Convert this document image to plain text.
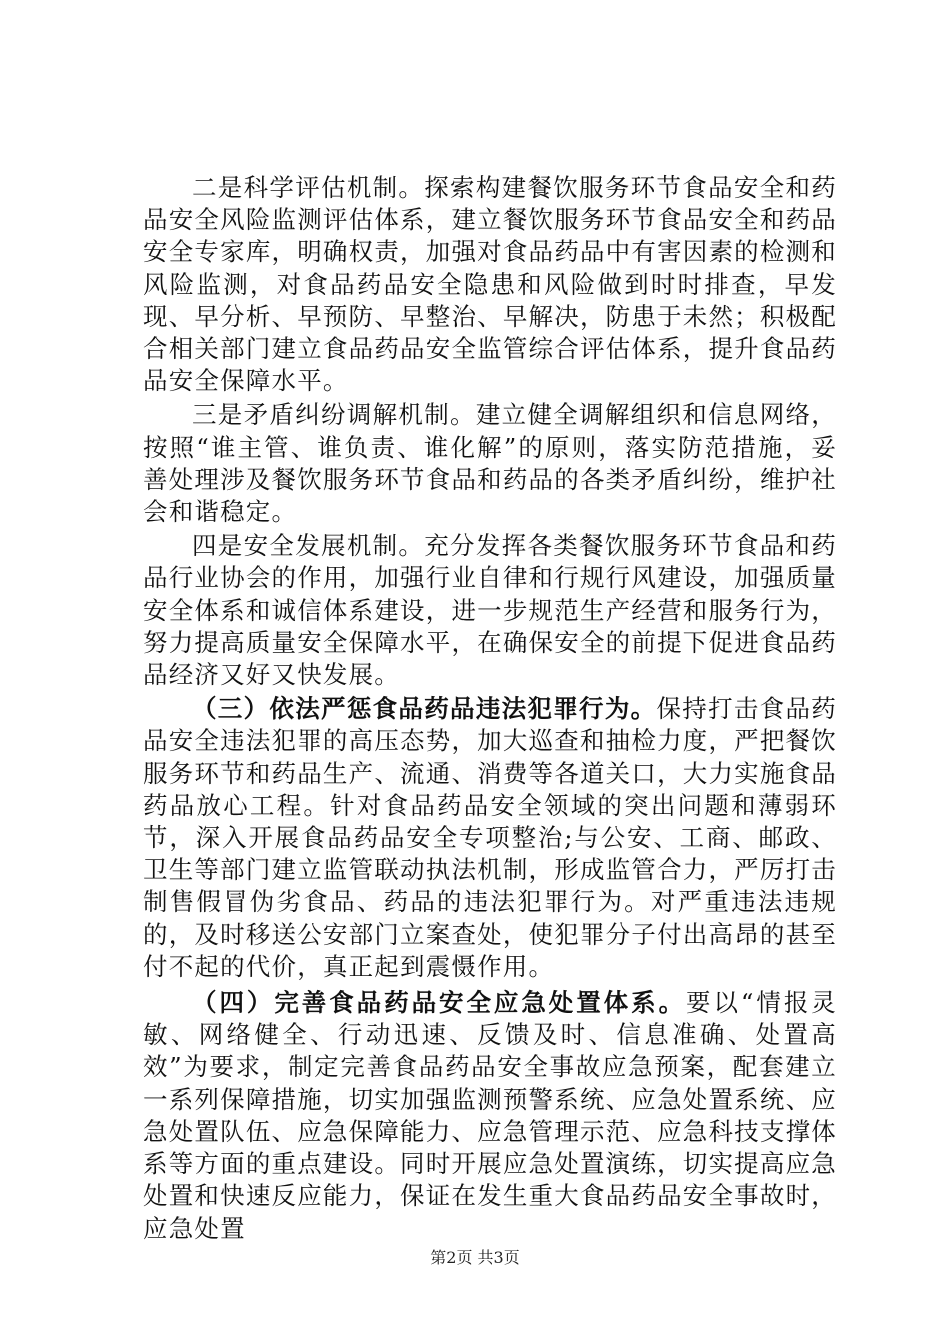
二是科学评估机制。探索构建餐饮服务环节食品安全和药品安全风险监测评估体系，建立餐饮服务环节食品安全和药品安全专家库，明确权责，加强对食品药品中有害因素的检测和风险监测，对食品药品安全隐患和风险做到时时排查，早发现、早分析、早预防、早整治、早解决，防患于未然；积极配合相关部门建立食品药品安全监管综合评估体系，提升食品药品安全保障水平。

三是矛盾纠纷调解机制。建立健全调解组织和信息网络，按照“谁主管、谁负责、谁化解”的原则，落实防范措施，妥善处理涉及餐饮服务环节食品和药品的各类矛盾纠纷，维护社会和谐稳定。

四是安全发展机制。充分发挥各类餐饮服务环节食品和药品行业协会的作用，加强行业自律和行规行风建设，加强质量安全体系和诚信体系建设，进一步规范生产经营和服务行为，努力提高质量安全保障水平，在确保安全的前提下促进食品药品经济又好又快发展。

（三）依法严惩食品药品违法犯罪行为。保持打击食品药品安全违法犯罪的高压态势，加大巡查和抽检力度，严把餐饮服务环节和药品生产、流通、消费等各道关口，大力实施食品药品放心工程。针对食品药品安全领域的突出问题和薄弱环节，深入开展食品药品安全专项整治;与公安、工商、邮政、卫生等部门建立监管联动执法机制，形成监管合力，严厉打击制售假冒伪劣食品、药品的违法犯罪行为。对严重违法违规的，及时移送公安部门立案查处，使犯罪分子付出高昂的甚至付不起的代价，真正起到震慑作用。

（四）完善食品药品安全应急处置体系。要以“情报灵敏、网络健全、行动迅速、反馈及时、信息准确、处置高效”为要求，制定完善食品药品安全事故应急预案，配套建立一系列保障措施，切实加强监测预警系统、应急处置系统、应急处置队伍、应急保障能力、应急管理示范、应急科技支撑体系等方面的重点建设。同时开展应急处置演练，切实提高应急处置和快速反应能力，保证在发生重大食品药品安全事故时，应急处置

第2页 共3页
